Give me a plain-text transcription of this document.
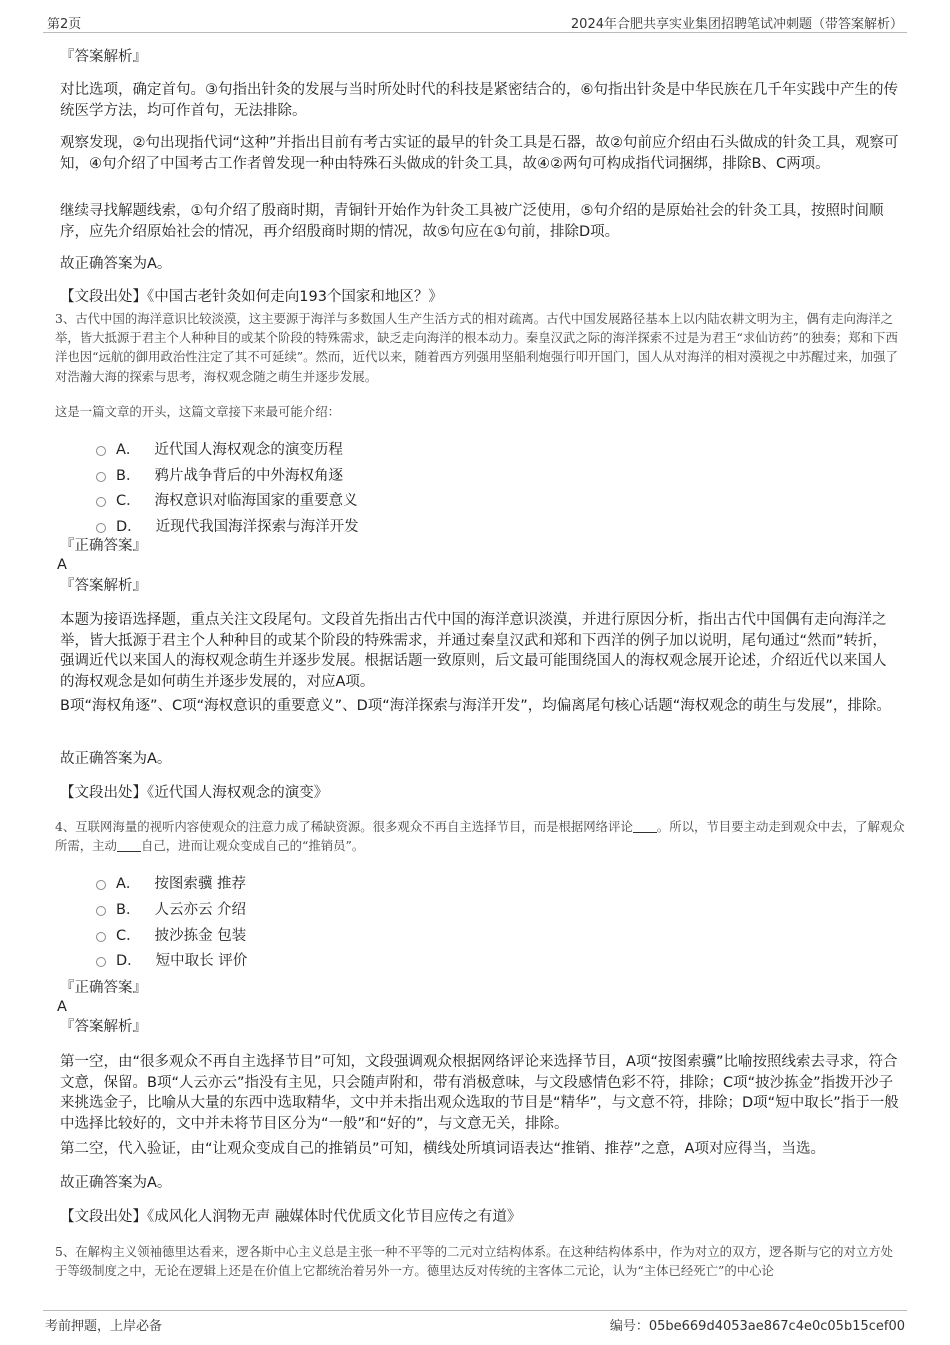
第2页	2024年合肥共享实业集团招聘笔试冲刺题（带答案解析）

『答案解析』

对比选项，确定首句。③句指出针灸的发展与当时所处时代的科技是紧密结合的，⑥句指出针灸是中华民族在几千年实践中产生的传统医学方法，均可作首句，无法排除。

观察发现，②句出现指代词“这种”并指出目前有考古实证的最早的针灸工具是石器，故②句前应介绍由石头做成的针灸工具，观察可知，④句介绍了中国考古工作者曾发现一种由特殊石头做成的针灸工具，故④②两句可构成指代词捆绑，排除B、C两项。

继续寻找解题线索，①句介绍了殷商时期，青铜针开始作为针灸工具被广泛使用，⑤句介绍的是原始社会的针灸工具，按照时间顺序，应先介绍原始社会的情况，再介绍殷商时期的情况，故⑤句应在①句前，排除D项。

故正确答案为A。

【文段出处】《中国古老针灸如何走向193个国家和地区？》

3、古代中国的海洋意识比较淡漠，这主要源于海洋与多数国人生产生活方式的相对疏离。古代中国发展路径基本上以内陆农耕文明为主，偶有走向海洋之举，皆大抵源于君主个人种种目的或某个阶段的特殊需求，缺乏走向海洋的根本动力。秦皇汉武之际的海洋探索不过是为君王“求仙访药”的独奏；郑和下西洋也因“远航的御用政治性注定了其不可延续”。然而，近代以来，随着西方列强用坚船利炮强行叩开国门，国人从对海洋的相对漠视之中苏醒过来，加强了对浩瀚大海的探索与思考，海权观念随之萌生并逐步发展。

这是一篇文章的开头，这篇文章接下来最可能介绍：

A． 近代国人海权观念的演变历程
B． 鸦片战争背后的中外海权角逐
C． 海权意识对临海国家的重要意义
D． 近现代我国海洋探索与海洋开发

『正确答案』

A

『答案解析』

本题为接语选择题，重点关注文段尾句。文段首先指出古代中国的海洋意识淡漠，并进行原因分析，指出古代中国偶有走向海洋之举，皆大抵源于君主个人种种目的或某个阶段的特殊需求，并通过秦皇汉武和郑和下西洋的例子加以说明，尾句通过“然而”转折，强调近代以来国人的海权观念萌生并逐步发展。根据话题一致原则，后文最可能围绕国人的海权观念展开论述，介绍近代以来国人的海权观念是如何萌生并逐步发展的，对应A项。

B项“海权角逐”、C项“海权意识的重要意义”、D项“海洋探索与海洋开发”，均偏离尾句核心话题“海权观念的萌生与发展”，排除。

故正确答案为A。

【文段出处】《近代国人海权观念的演变》

4、互联网海量的视听内容使观众的注意力成了稀缺资源。很多观众不再自主选择节目，而是根据网络评论 。所以，节目要主动走到观众中去，了解观众所需，主动 自己，进而让观众变成自己的“推销员”。

A． 按图索骥 推荐
B． 人云亦云 介绍
C． 披沙拣金 包装
D． 短中取长 评价

『正确答案』

A

『答案解析』

第一空，由“很多观众不再自主选择节目”可知，文段强调观众根据网络评论来选择节目，A项“按图索骥”比喻按照线索去寻求，符合文意，保留。B项“人云亦云”指没有主见，只会随声附和，带有消极意味，与文段感情色彩不符，排除；C项“披沙拣金”指拨开沙子来挑选金子，比喻从大量的东西中选取精华，文中并未指出观众选取的节目是“精华”，与文意不符，排除；D项“短中取长”指于一般中选择比较好的，文中并未将节目区分为“一般”和“好的”，与文意无关，排除。

第二空，代入验证，由“让观众变成自己的推销员”可知，横线处所填词语表达“推销、推荐”之意，A项对应得当，当选。

故正确答案为A。

【文段出处】《成风化人润物无声 融媒体时代优质文化节目应传之有道》

5、在解构主义领袖德里达看来，逻各斯中心主义总是主张一种不平等的二元对立结构体系。在这种结构体系中，作为对立的双方，逻各斯与它的对立方处于等级制度之中，无论在逻辑上还是在价值上它都统治着另外一方。德里达反对传统的主客体二元论，认为“主体已经死亡”的中心论

考前押题，上岸必备	编号：05be669d4053ae867c4e0c05b15cef00
